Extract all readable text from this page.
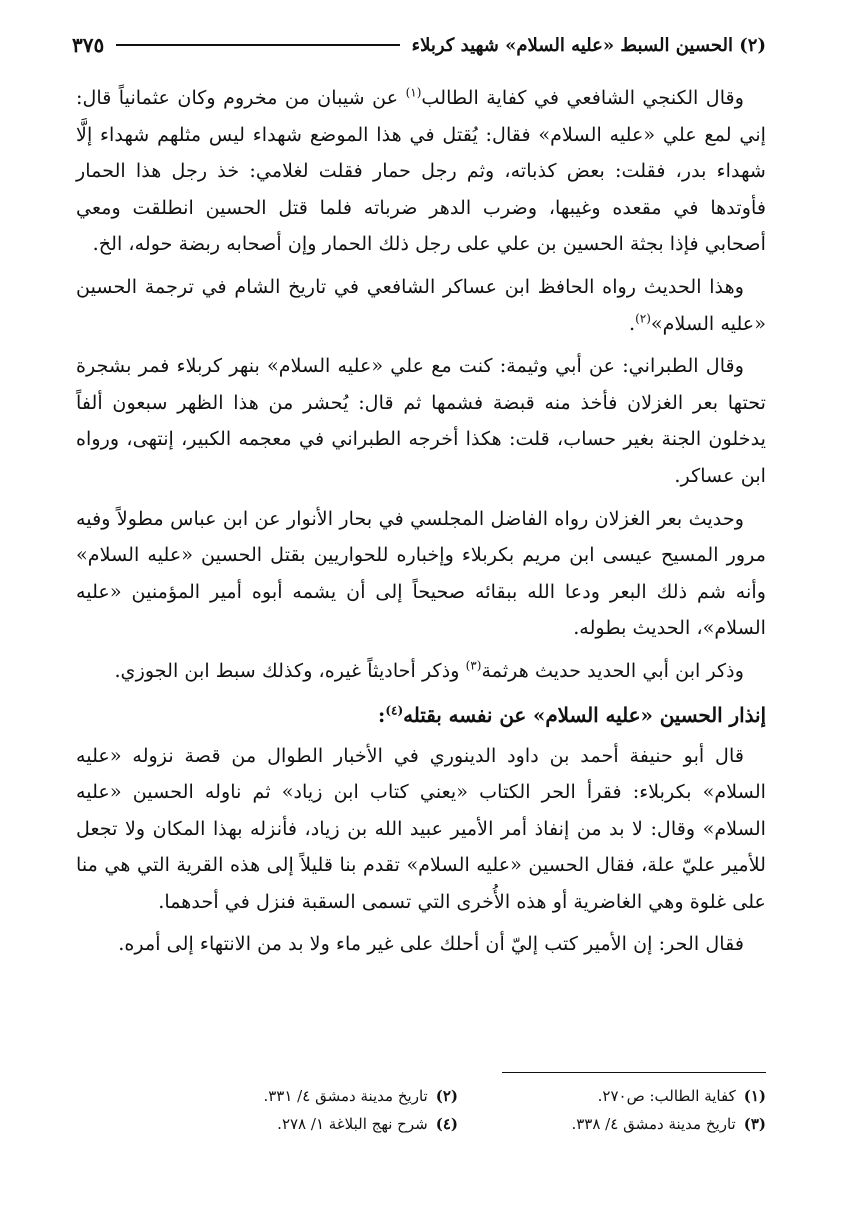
(٢) الحسين السبط «عليه السلام» شهيد كربلاء
٣٧٥

وقال الكنجي الشافعي في كفاية الطالب$^{(١)}$ عن شيبان من مخروم وكان عثمانياً قال: إني لمع علي «عليه السلام» فقال: يُقتل في هذا الموضع شهداء ليس مثلهم شهداء إلَّا شهداء بدر، فقلت: بعض كذباته، وثم رجل حمار فقلت لغلامي: خذ رجل هذا الحمار فأوتدها في مقعده وغيبها، وضرب الدهر ضرباته فلما قتل الحسين انطلقت ومعي أصحابي فإذا بجثة الحسين بن علي على رجل ذلك الحمار وإن أصحابه ربضة حوله، الخ.

وهذا الحديث رواه الحافظ ابن عساكر الشافعي في تاريخ الشام في ترجمة الحسين «عليه السلام»$^{(٢)}$.

وقال الطبراني: عن أبي وثيمة: كنت مع علي «عليه السلام» بنهر كربلاء فمر بشجرة تحتها بعر الغزلان فأخذ منه قبضة فشمها ثم قال: يُحشر من هذا الظهر سبعون ألفاً يدخلون الجنة بغير حساب، قلت: هكذا أخرجه الطبراني في معجمه الكبير، إنتهى، ورواه ابن عساكر.

وحديث بعر الغزلان رواه الفاضل المجلسي في بحار الأنوار عن ابن عباس مطولاً وفيه مرور المسيح عيسى ابن مريم بكربلاء وإخباره للحواريين بقتل الحسين «عليه السلام» وأنه شم ذلك البعر ودعا الله ببقائه صحيحاً إلى أن يشمه أبوه أمير المؤمنين «عليه السلام»، الحديث بطوله.

وذكر ابن أبي الحديد حديث هرثمة$^{(٣)}$ وذكر أحاديثاً غيره، وكذلك سبط ابن الجوزي.

إنذار الحسين «عليه السلام» عن نفسه بقتله$^{(٤)}$:

قال أبو حنيفة أحمد بن داود الدينوري في الأخبار الطوال من قصة نزوله «عليه السلام» بكربلاء: فقرأ الحر الكتاب «يعني كتاب ابن زياد» ثم ناوله الحسين «عليه السلام» وقال: لا بد من إنفاذ أمر الأمير عبيد الله بن زياد، فأنزله بهذا المكان ولا تجعل للأمير عليّ علة، فقال الحسين «عليه السلام» تقدم بنا قليلاً إلى هذه القرية التي هي منا على غلوة وهي الغاضرية أو هذه الأُخرى التي تسمى السقبة فنزل في أحدهما.

فقال الحر: إن الأمير كتب إليّ أن أحلك على غير ماء ولا بد من الانتهاء إلى أمره.

(١)كفاية الطالب: ص٢٧٠.
(٢)تاريخ مدينة دمشق ٤/ ٣٣١.
(٣)تاريخ مدينة دمشق ٤/ ٣٣٨.
(٤)شرح نهج البلاغة ١/ ٢٧٨.
